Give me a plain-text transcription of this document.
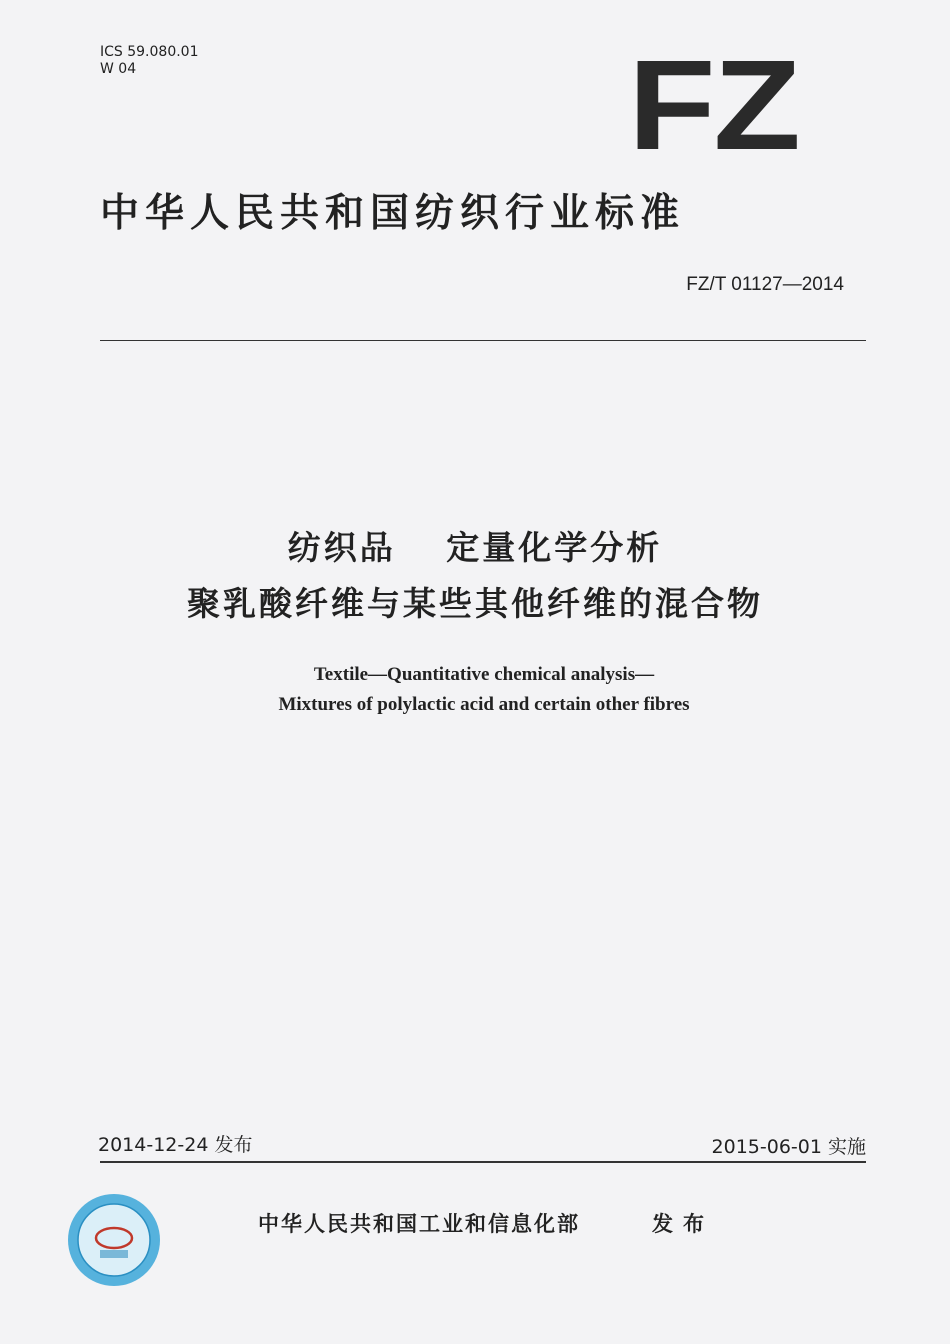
ICS 59.080.01
W 04	FZ
中华人民共和国纺织行业标准
FZ/T 01127—2014
纺织品　 定量化学分析
聚乳酸纤维与某些其他纤维的混合物
Textile—Quantitative chemical analysis—
Mixtures of polylactic acid and certain other fibres
2014-12-24 发布	2015-06-01 实施
中华人民共和国工业和信息化部	发布
